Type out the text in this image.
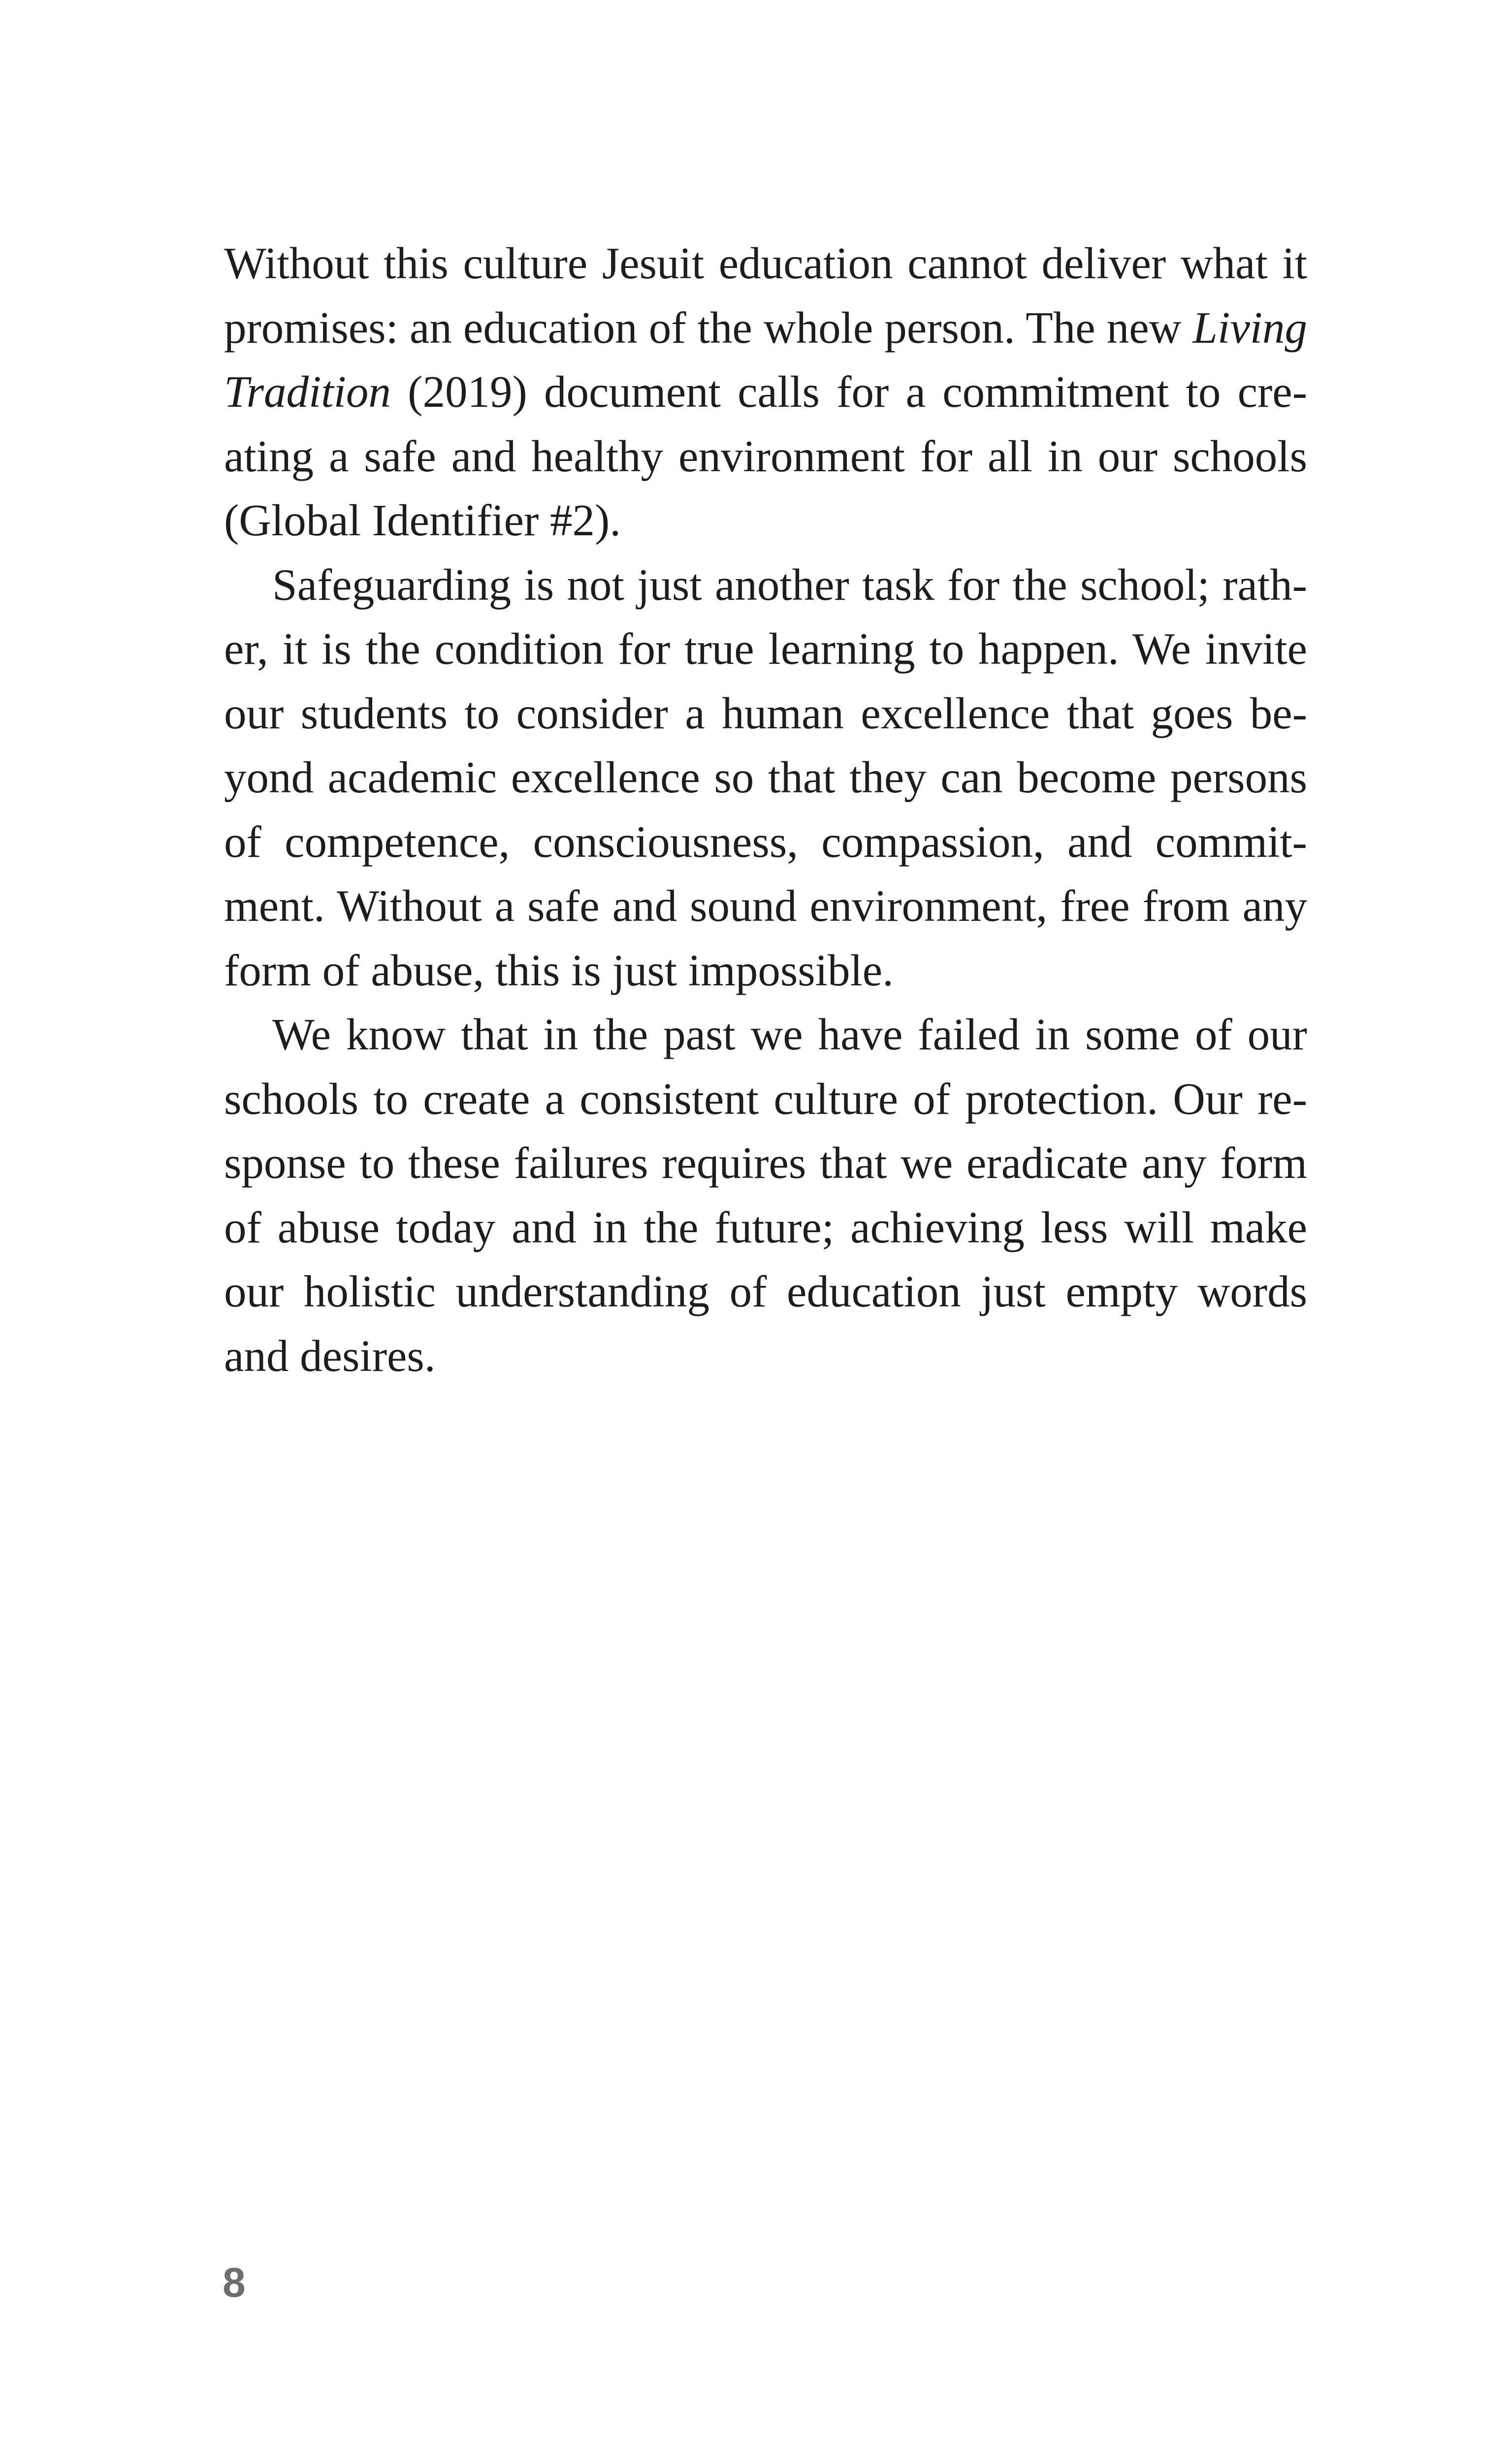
Without this culture Jesuit education cannot deliver what it
promises: an education of the whole person. The new Living
Tradition (2019) document calls for a commitment to cre-
ating a safe and healthy environment for all in our schools
(Global Identifier #2).
Safeguarding is not just another task for the school; rath-
er, it is the condition for true learning to happen. We invite
our students to consider a human excellence that goes be-
yond academic excellence so that they can become persons
of competence, consciousness, compassion, and commit-
ment. Without a safe and sound environment, free from any
form of abuse, this is just impossible.
We know that in the past we have failed in some of our
schools to create a consistent culture of protection. Our re-
sponse to these failures requires that we eradicate any form
of abuse today and in the future; achieving less will make
our holistic understanding of education just empty words
and desires.
8
